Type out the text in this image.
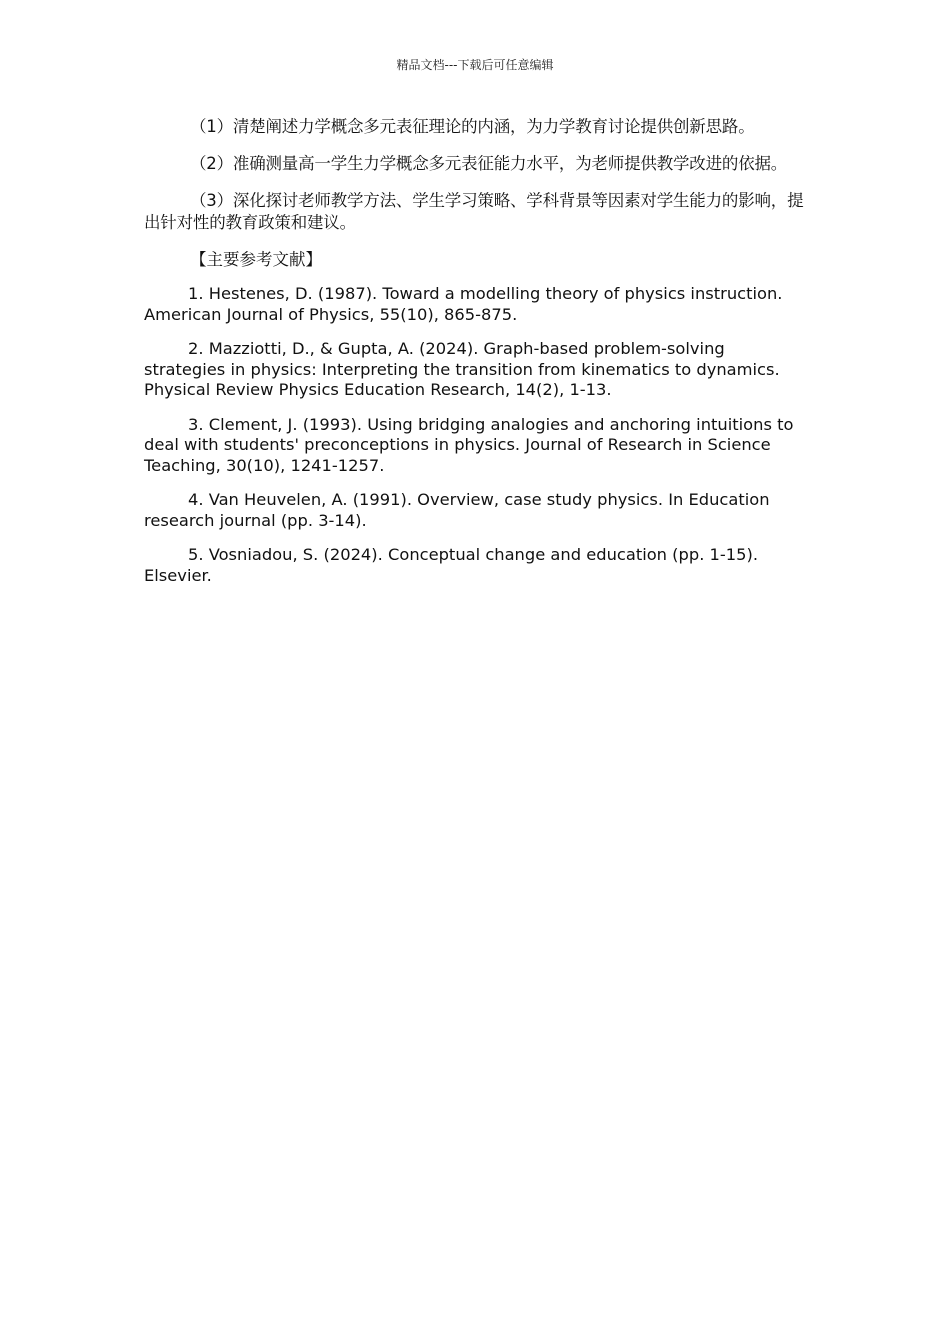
精品文档---下载后可任意编辑

（1）清楚阐述力学概念多元表征理论的内涵，为力学教育讨论提供创新思路。

（2）准确测量高一学生力学概念多元表征能力水平，为老师提供教学改进的依据。

（3）深化探讨老师教学方法、学生学习策略、学科背景等因素对学生能力的影响，提出针对性的教育政策和建议。

【主要参考文献】

1. Hestenes, D. (1987). Toward a modelling theory of physics instruction. American Journal of Physics, 55(10), 865-875.

2. Mazziotti, D., & Gupta, A. (2024). Graph-based problem-solving strategies in physics: Interpreting the transition from kinematics to dynamics. Physical Review Physics Education Research, 14(2), 1-13.

3. Clement, J. (1993). Using bridging analogies and anchoring intuitions to deal with students' preconceptions in physics. Journal of Research in Science Teaching, 30(10), 1241-1257.

4. Van Heuvelen, A. (1991). Overview, case study physics. In Education research journal (pp. 3-14).

5. Vosniadou, S. (2024). Conceptual change and education (pp. 1-15). Elsevier.
